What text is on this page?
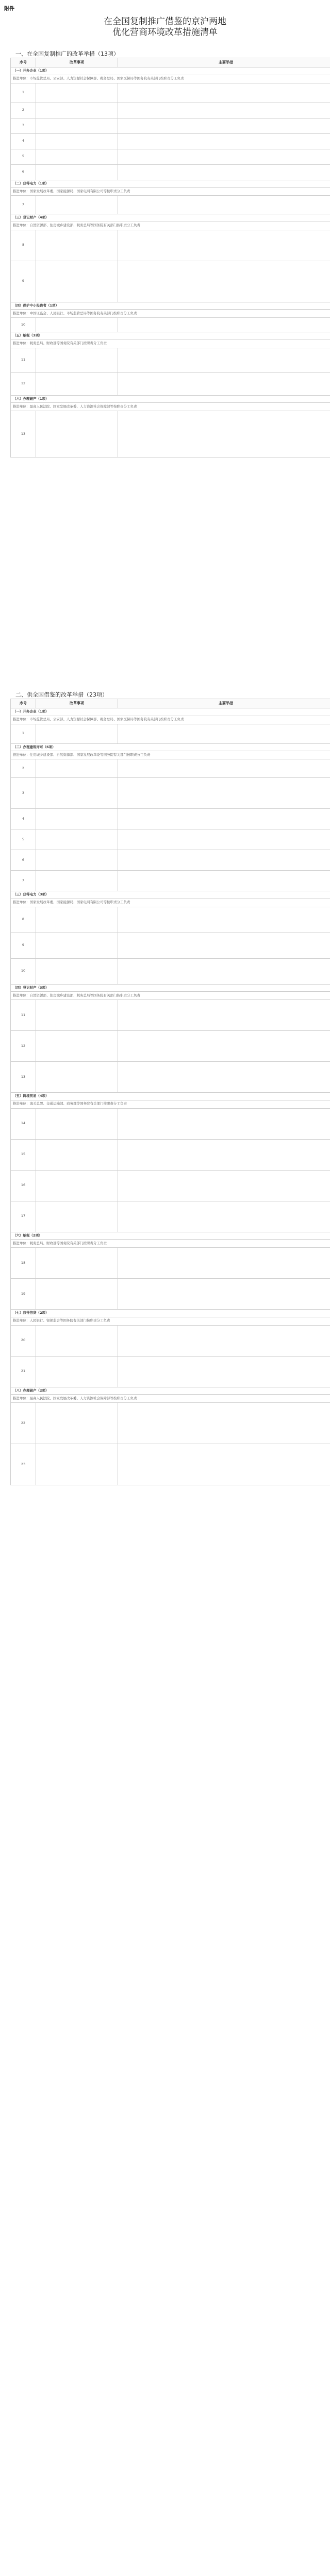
附件
在全国复制推广借鉴的京沪两地
优化营商环境改革措施清单
一、在全国复制推广的改革举措（13项）
序号	改革事项	主要举措
（一）开办企业（1项）		
推进单位：市场监管总局、公安部、人力资源社会保障部、税务总局、国家医保局等国务院有关部门按职责分工负责		
1		
2		
3		
4		
5		
6		
（二）获得电力（1项）		
推进单位：国家发展改革委、国家能源局、国家电网有限公司等按职责分工负责		
7		
（三）登记财产（4项）		
推进单位：自然资源部、住房城乡建设部、税务总局等国务院有关部门按职责分工负责		
8		
9		
（四）保护中小投资者（1项）		
推进单位：中国证监会、人民银行、市场监管总局等国务院有关部门按职责分工负责		
10		
（五）纳税（3项）		
推进单位：税务总局、财政部等国务院有关部门按职责分工负责		
11		
12		
（六）办理破产（1项）		
推进单位：最高人民法院、国家发展改革委、人力资源社会保障部等按职责分工负责		
13		
二、供全国借鉴的改革举措（23项）
序号	改革事项	主要举措
（一）开办企业（1项）		
推进单位：市场监管总局、公安部、人力资源社会保障部、税务总局、国家医保局等国务院有关部门按职责分工负责		
1		
（二）办理建筑许可（6项）		
推进单位：住房城乡建设部、自然资源部、国家发展改革委等国务院有关部门按职责分工负责		
2		
3		
4		
5		
6		
7		
（三）获得电力（3项）		
推进单位：国家发展改革委、国家能源局、国家电网有限公司等按职责分工负责		
8		
9		
10		
（四）登记财产（3项）		
推进单位：自然资源部、住房城乡建设部、税务总局等国务院有关部门按职责分工负责		
11		
12		
13		
（五）跨境贸易（4项）		
推进单位：海关总署、交通运输部、商务部等国务院有关部门按职责分工负责		
14		
15		
16		
17		
（六）纳税（2项）		
推进单位：税务总局、财政部等国务院有关部门按职责分工负责		
18		
19		
（七）获得信贷（2项）		
推进单位：人民银行、银保监会等国务院有关部门按职责分工负责		
20		
21		
（八）办理破产（2项）		
推进单位：最高人民法院、国家发展改革委、人力资源社会保障部等按职责分工负责		
22		
23		
